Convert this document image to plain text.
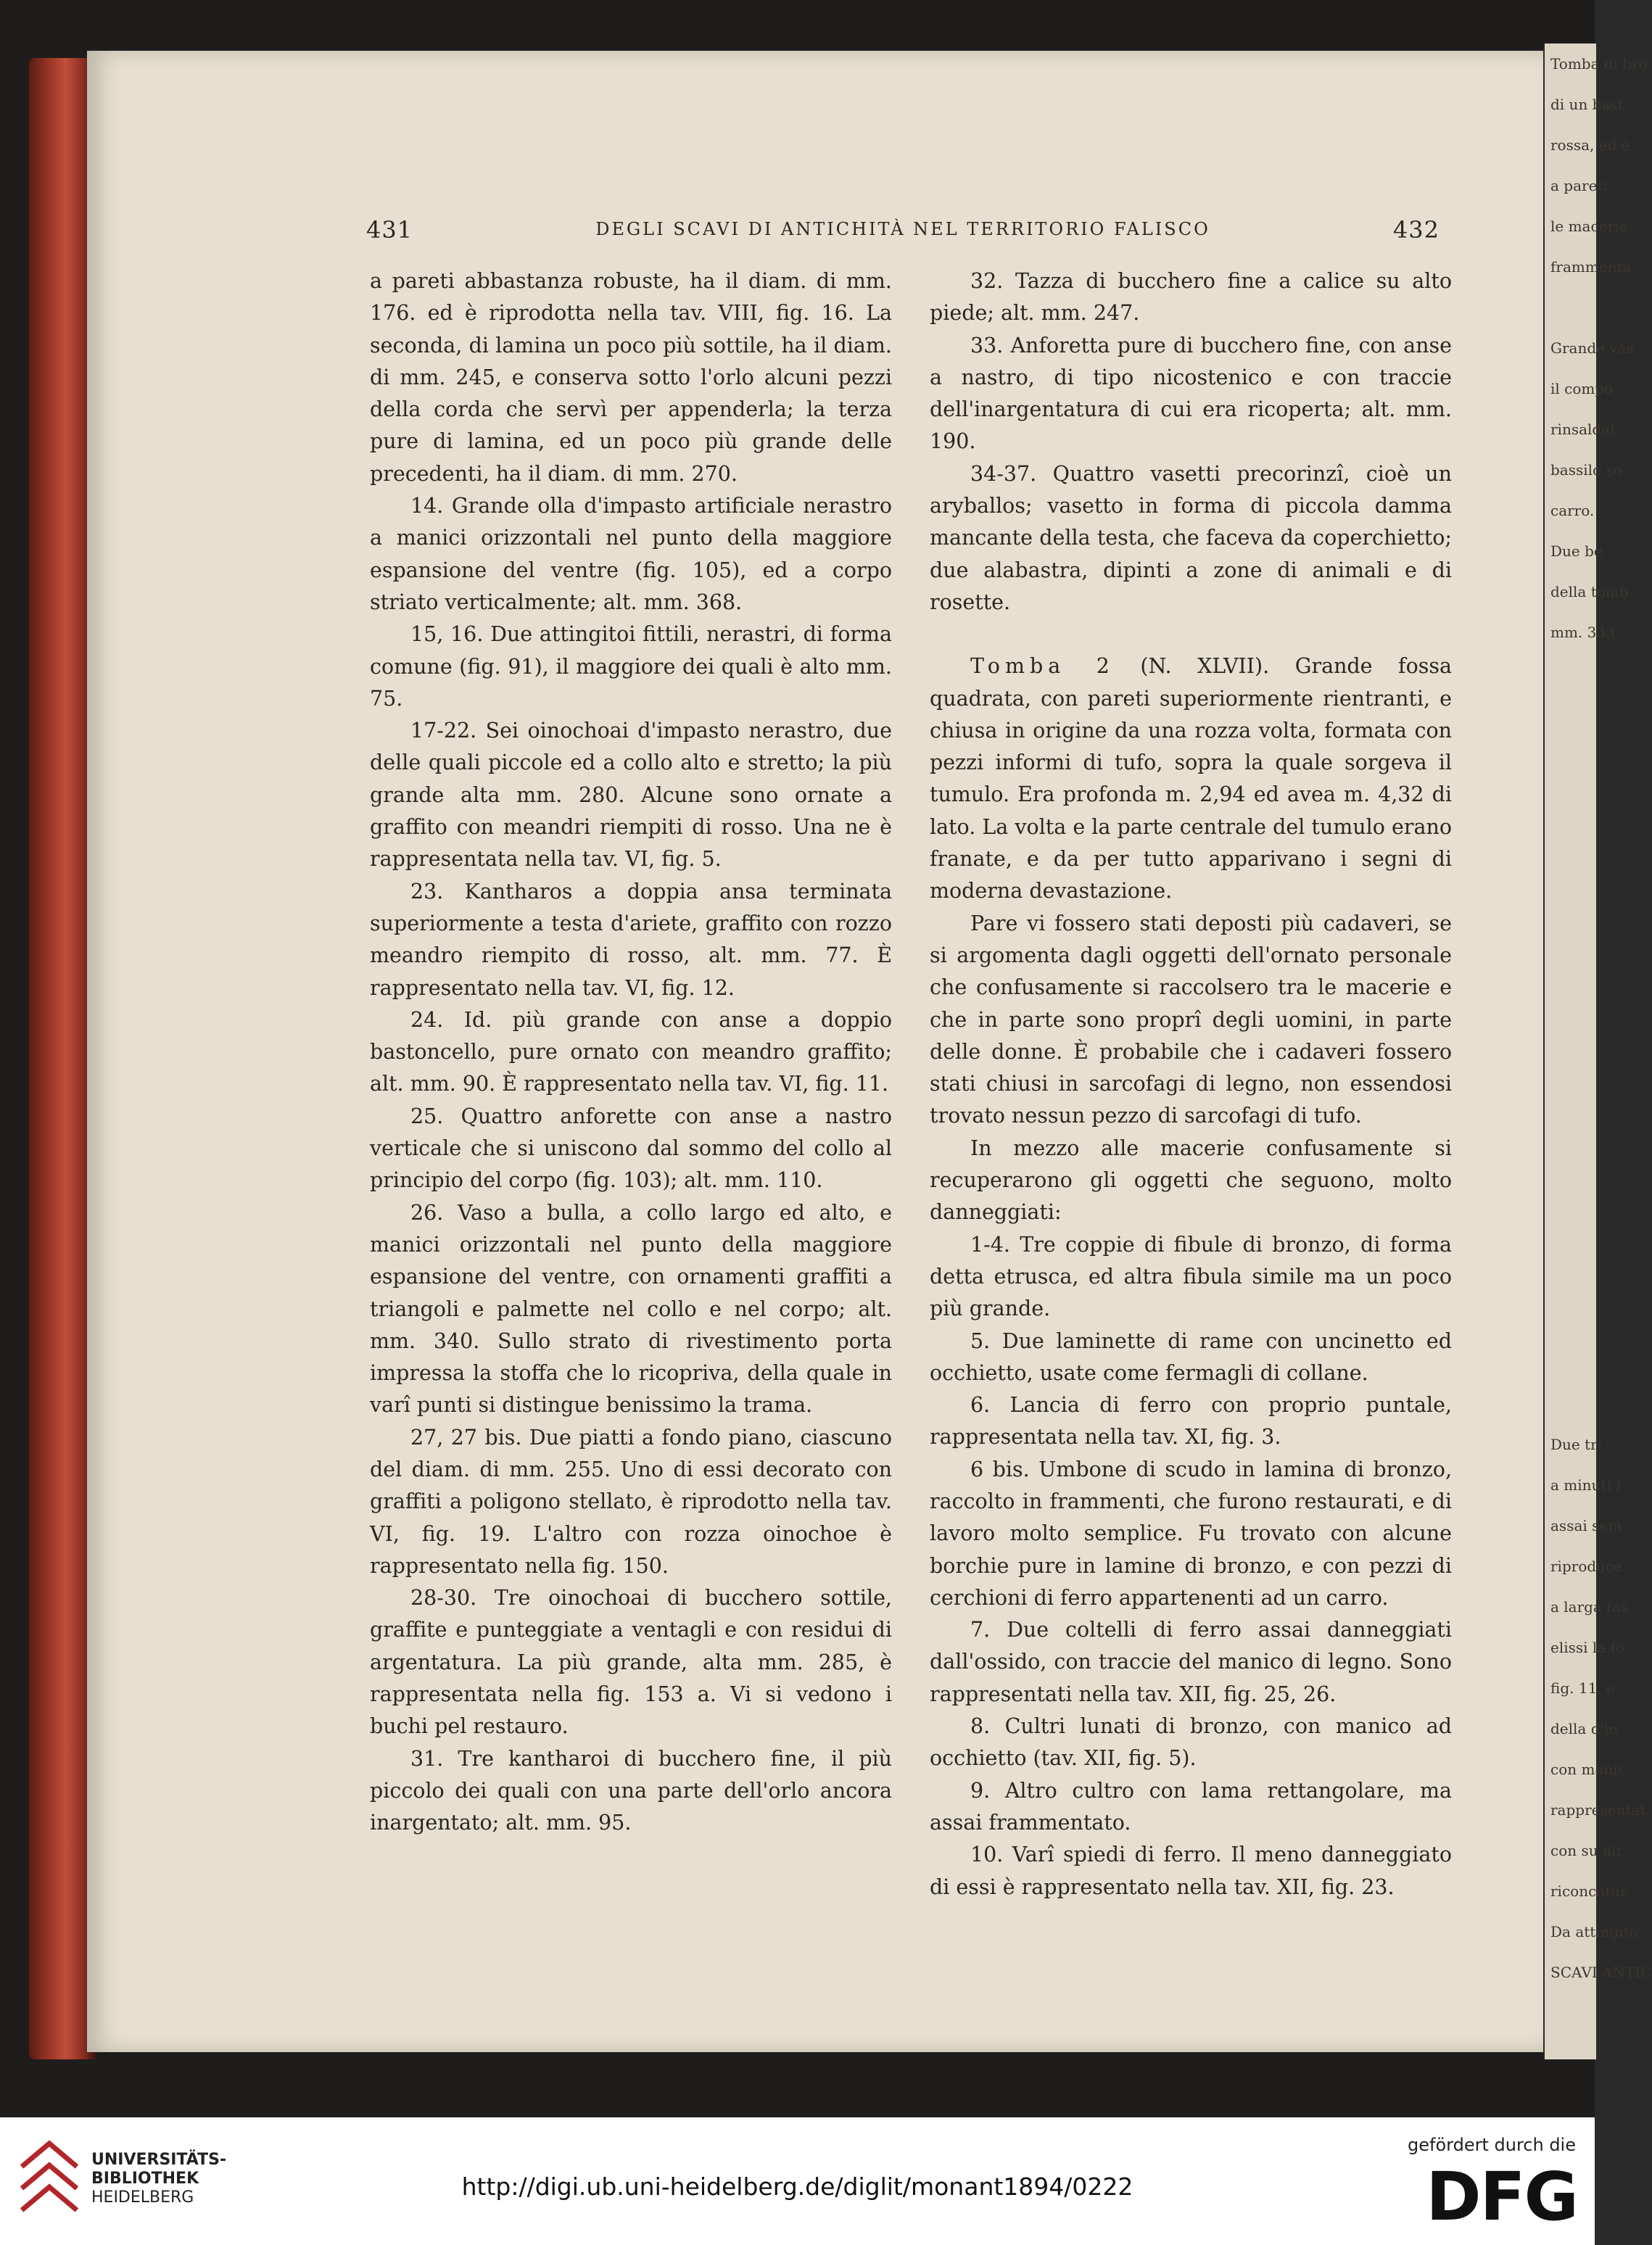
Tomba di bro
di un bast
rossa, ed è
a pareti
le macerie
frammenta

Grande vas
il compo
rinsaldat
bassilo so
carro.
Due be
della tomb
mm. 333

Due tri
a minuti f
assai sem
riproduce
a larga fas
elissi la fo
fig. 11, e
della d'in
con manic
rappresentat
con su alt
riconcatur
Da attingito
SCAVI ANTIC
431	DEGLI SCAVI DI ANTICHITÀ NEL TERRITORIO FALISCO	432

a pareti abbastanza robuste, ha il diam. di mm. 176. ed è riprodotta nella tav. VIII, fig. 16. La seconda, di lamina un poco più sottile, ha il diam. di mm. 245, e conserva sotto l'orlo alcuni pezzi della corda che servì per appenderla; la terza pure di lamina, ed un poco più grande delle precedenti, ha il diam. di mm. 270.

14. Grande olla d'impasto artificiale nerastro a manici orizzontali nel punto della maggiore espansione del ventre (fig. 105), ed a corpo striato verticalmente; alt. mm. 368.

15, 16. Due attingitoi fittili, nerastri, di forma comune (fig. 91), il maggiore dei quali è alto mm. 75.

17-22. Sei oinochoai d'impasto nerastro, due delle quali piccole ed a collo alto e stretto; la più grande alta mm. 280. Alcune sono ornate a graffito con meandri riempiti di rosso. Una ne è rappresentata nella tav. VI, fig. 5.

23. Kantharos a doppia ansa terminata superiormente a testa d'ariete, graffito con rozzo meandro riempito di rosso, alt. mm. 77. È rappresentato nella tav. VI, fig. 12.

24. Id. più grande con anse a doppio bastoncello, pure ornato con meandro graffito; alt. mm. 90. È rappresentato nella tav. VI, fig. 11.

25. Quattro anforette con anse a nastro verticale che si uniscono dal sommo del collo al principio del corpo (fig. 103); alt. mm. 110.

26. Vaso a bulla, a collo largo ed alto, e manici orizzontali nel punto della maggiore espansione del ventre, con ornamenti graffiti a triangoli e palmette nel collo e nel corpo; alt. mm. 340. Sullo strato di rivestimento porta impressa la stoffa che lo ricopriva, della quale in varî punti si distingue benissimo la trama.

27, 27 bis. Due piatti a fondo piano, ciascuno del diam. di mm. 255. Uno di essi decorato con graffiti a poligono stellato, è riprodotto nella tav. VI, fig. 19. L'altro con rozza oinochoe è rappresentato nella fig. 150.

28-30. Tre oinochoai di bucchero sottile, graffite e punteggiate a ventagli e con residui di argentatura. La più grande, alta mm. 285, è rappresentata nella fig. 153 a. Vi si vedono i buchi pel restauro.

31. Tre kantharoi di bucchero fine, il più piccolo dei quali con una parte dell'orlo ancora inargentato; alt. mm. 95.

32. Tazza di bucchero fine a calice su alto piede; alt. mm. 247.

33. Anforetta pure di bucchero fine, con anse a nastro, di tipo nicostenico e con traccie dell'inargentatura di cui era ricoperta; alt. mm. 190.

34-37. Quattro vasetti precorinzî, cioè un aryballos; vasetto in forma di piccola damma mancante della testa, che faceva da coperchietto; due alabastra, dipinti a zone di animali e di rosette.

Tomba 2 (N. XLVII). Grande fossa quadrata, con pareti superiormente rientranti, e chiusa in origine da una rozza volta, formata con pezzi informi di tufo, sopra la quale sorgeva il tumulo. Era profonda m. 2,94 ed avea m. 4,32 di lato. La volta e la parte centrale del tumulo erano franate, e da per tutto apparivano i segni di moderna devastazione.

Pare vi fossero stati deposti più cadaveri, se si argomenta dagli oggetti dell'ornato personale che confusamente si raccolsero tra le macerie e che in parte sono proprî degli uomini, in parte delle donne. È probabile che i cadaveri fossero stati chiusi in sarcofagi di legno, non essendosi trovato nessun pezzo di sarcofagi di tufo.

In mezzo alle macerie confusamente si recuperarono gli oggetti che seguono, molto danneggiati:

1-4. Tre coppie di fibule di bronzo, di forma detta etrusca, ed altra fibula simile ma un poco più grande.

5. Due laminette di rame con uncinetto ed occhietto, usate come fermagli di collane.

6. Lancia di ferro con proprio puntale, rappresentata nella tav. XI, fig. 3.

6 bis. Umbone di scudo in lamina di bronzo, raccolto in frammenti, che furono restaurati, e di lavoro molto semplice. Fu trovato con alcune borchie pure in lamine di bronzo, e con pezzi di cerchioni di ferro appartenenti ad un carro.

7. Due coltelli di ferro assai danneggiati dall'ossido, con traccie del manico di legno. Sono rappresentati nella tav. XII, fig. 25, 26.

8. Cultri lunati di bronzo, con manico ad occhietto (tav. XII, fig. 5).

9. Altro cultro con lama rettangolare, ma assai frammentato.

10. Varî spiedi di ferro. Il meno danneggiato di essi è rappresentato nella tav. XII, fig. 23.

UNIVERSITÄTS-
BIBLIOTHEK
HEIDELBERG	http://digi.ub.uni-heidelberg.de/diglit/monant1894/0222
gefördert durch die
DFG
